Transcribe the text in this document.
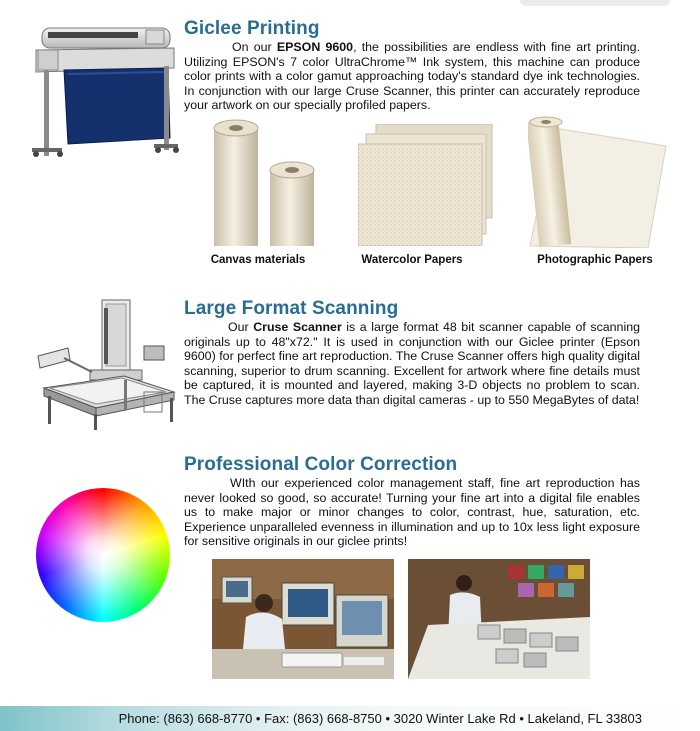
Giclee Printing
On our EPSON 9600, the possibilities are endless with fine art printing. Utilizing EPSON's 7 color UltraChrome™ Ink system, this machine can produce color prints with a color gamut approaching today's standard dye ink technologies. In conjunction with our large Cruse Scanner, this printer can accurately reproduce your artwork on our specially profiled papers.
Canvas materials	Watercolor Papers	Photographic Papers
Large Format Scanning
Our Cruse Scanner is a large format 48 bit scanner capable of scanning originals up to 48"x72." It is used in conjunction with our Giclee printer (Epson 9600) for perfect fine art reproduction. The Cruse Scanner offers high quality digital scanning, superior to drum scanning. Excellent for artwork where fine details must be captured, it is mounted and layered, making 3-D objects no problem to scan. The Cruse captures more data than digital cameras - up to 550 MegaBytes of data!
Professional Color Correction
WIth our experienced color management staff, fine art reproduction has never looked so good, so accurate! Turning your fine art into a digital file enables us to make major or minor changes to color, contrast, hue, saturation, etc. Experience unparalleled evenness in illumination and up to 10x less light exposure for sensitive originals in our giclee prints!
Phone: (863) 668-8770 • Fax: (863) 668-8750 • 3020 Winter Lake Rd • Lakeland, FL 33803
